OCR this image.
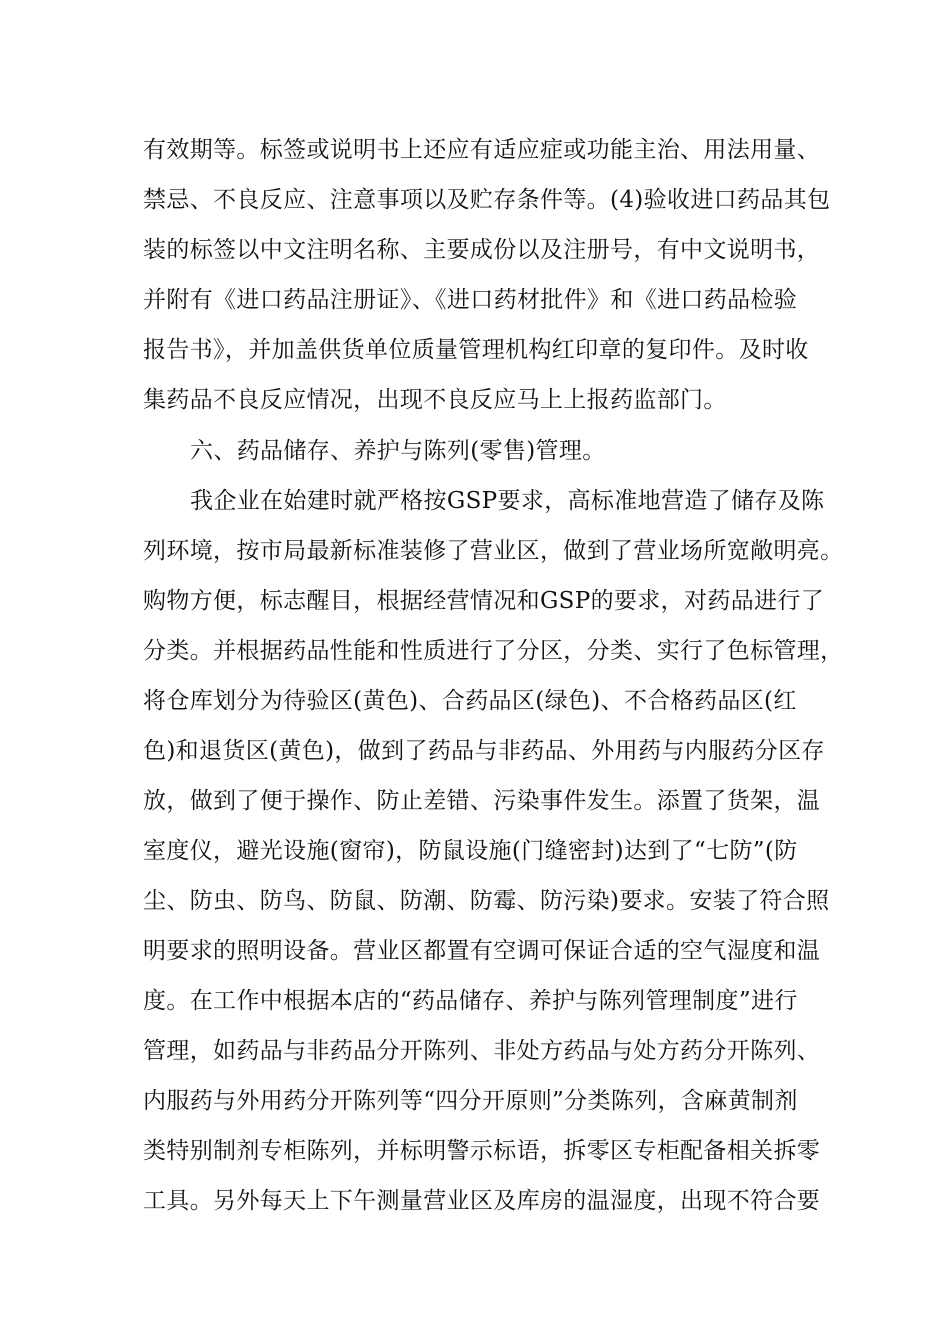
有效期等。标签或说明书上还应有适应症或功能主治、用法用量、
禁忌、不良反应、注意事项以及贮存条件等。(4)验收进口药品其包
装的标签以中文注明名称、主要成份以及注册号，有中文说明书，
并附有《进口药品注册证》、《进口药材批件》和《进口药品检验
报告书》，并加盖供货单位质量管理机构红印章的复印件。及时收
集药品不良反应情况，出现不良反应马上上报药监部门。
六、药品储存、养护与陈列(零售)管理。
我企业在始建时就严格按GSP要求，高标准地营造了储存及陈
列环境，按市局最新标准装修了营业区，做到了营业场所宽敞明亮。
购物方便，标志醒目，根据经营情况和GSP的要求，对药品进行了
分类。并根据药品性能和性质进行了分区，分类、实行了色标管理，
将仓库划分为待验区(黄色)、合药品区(绿色)、不合格药品区(红
色)和退货区(黄色)，做到了药品与非药品、外用药与内服药分区存
放，做到了便于操作、防止差错、污染事件发生。添置了货架，温
室度仪，避光设施(窗帘)，防鼠设施(门缝密封)达到了“七防”(防
尘、防虫、防鸟、防鼠、防潮、防霉、防污染)要求。安装了符合照
明要求的照明设备。营业区都置有空调可保证合适的空气湿度和温
度。在工作中根据本店的“药品储存、养护与陈列管理制度”进行
管理，如药品与非药品分开陈列、非处方药品与处方药分开陈列、
内服药与外用药分开陈列等“四分开原则”分类陈列，含麻黄制剂
类特别制剂专柜陈列，并标明警示标语，拆零区专柜配备相关拆零
工具。另外每天上下午测量营业区及库房的温湿度，出现不符合要
